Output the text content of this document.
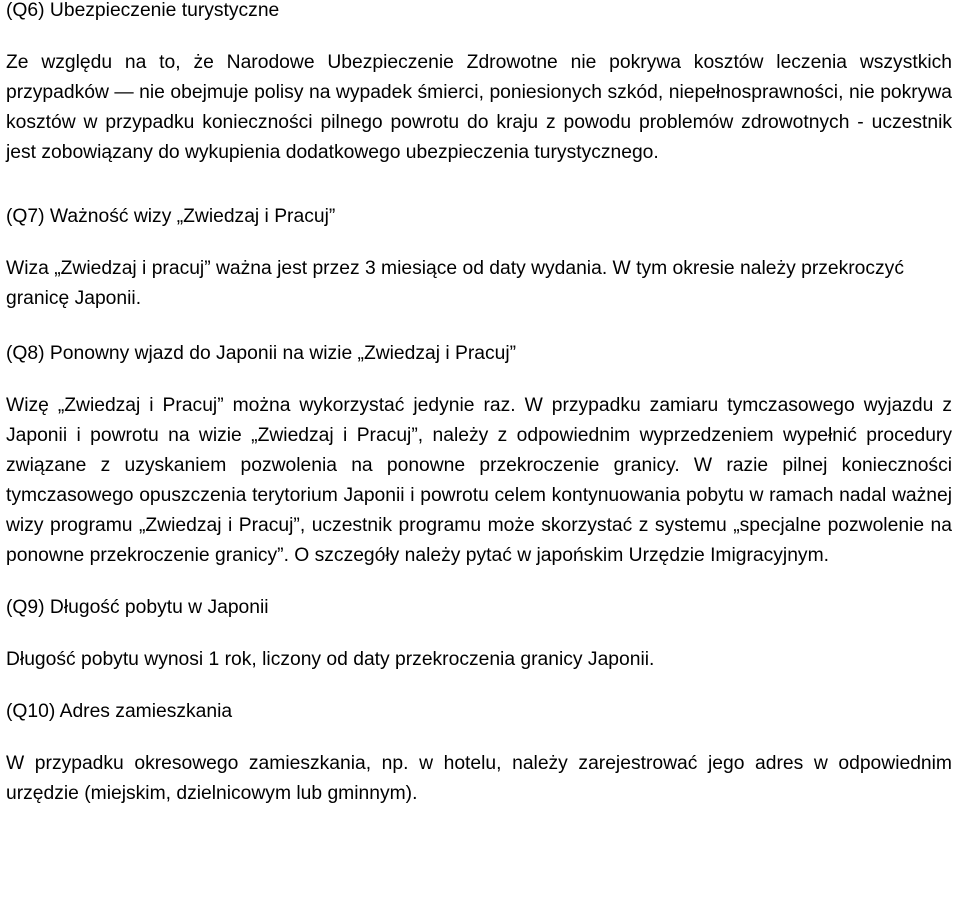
(Q6) Ubezpieczenie turystyczne

Ze względu na to, że Narodowe Ubezpieczenie Zdrowotne nie pokrywa kosztów leczenia wszystkich przypadków — nie obejmuje polisy na wypadek śmierci, poniesionych szkód, niepełnosprawności, nie pokrywa kosztów w przypadku konieczności pilnego powrotu do kraju z powodu problemów zdrowotnych - uczestnik jest zobowiązany do wykupienia dodatkowego ubezpieczenia turystycznego.

(Q7) Ważność wizy „Zwiedzaj i Pracuj”

Wiza „Zwiedzaj i pracuj” ważna jest przez 3 miesiące od daty wydania. W tym okresie należy przekroczyć granicę Japonii.

(Q8) Ponowny wjazd do Japonii na wizie „Zwiedzaj i Pracuj”

Wizę „Zwiedzaj i Pracuj” można wykorzystać jedynie raz. W przypadku zamiaru tymczasowego wyjazdu z Japonii i powrotu na wizie „Zwiedzaj i Pracuj”, należy z odpowiednim wyprzedzeniem wypełnić procedury związane z uzyskaniem pozwolenia na ponowne przekroczenie granicy. W razie pilnej konieczności tymczasowego opuszczenia terytorium Japonii i powrotu celem kontynuowania pobytu w ramach nadal ważnej wizy programu „Zwiedzaj i Pracuj”, uczestnik programu może skorzystać z systemu „specjalne pozwolenie na ponowne przekroczenie granicy”. O szczegóły należy pytać w japońskim Urzędzie Imigracyjnym.

(Q9) Długość pobytu w Japonii

Długość pobytu wynosi 1 rok, liczony od daty przekroczenia granicy Japonii.

(Q10) Adres zamieszkania

W przypadku okresowego zamieszkania, np. w hotelu, należy zarejestrować jego adres w odpowiednim urzędzie (miejskim, dzielnicowym lub gminnym).
